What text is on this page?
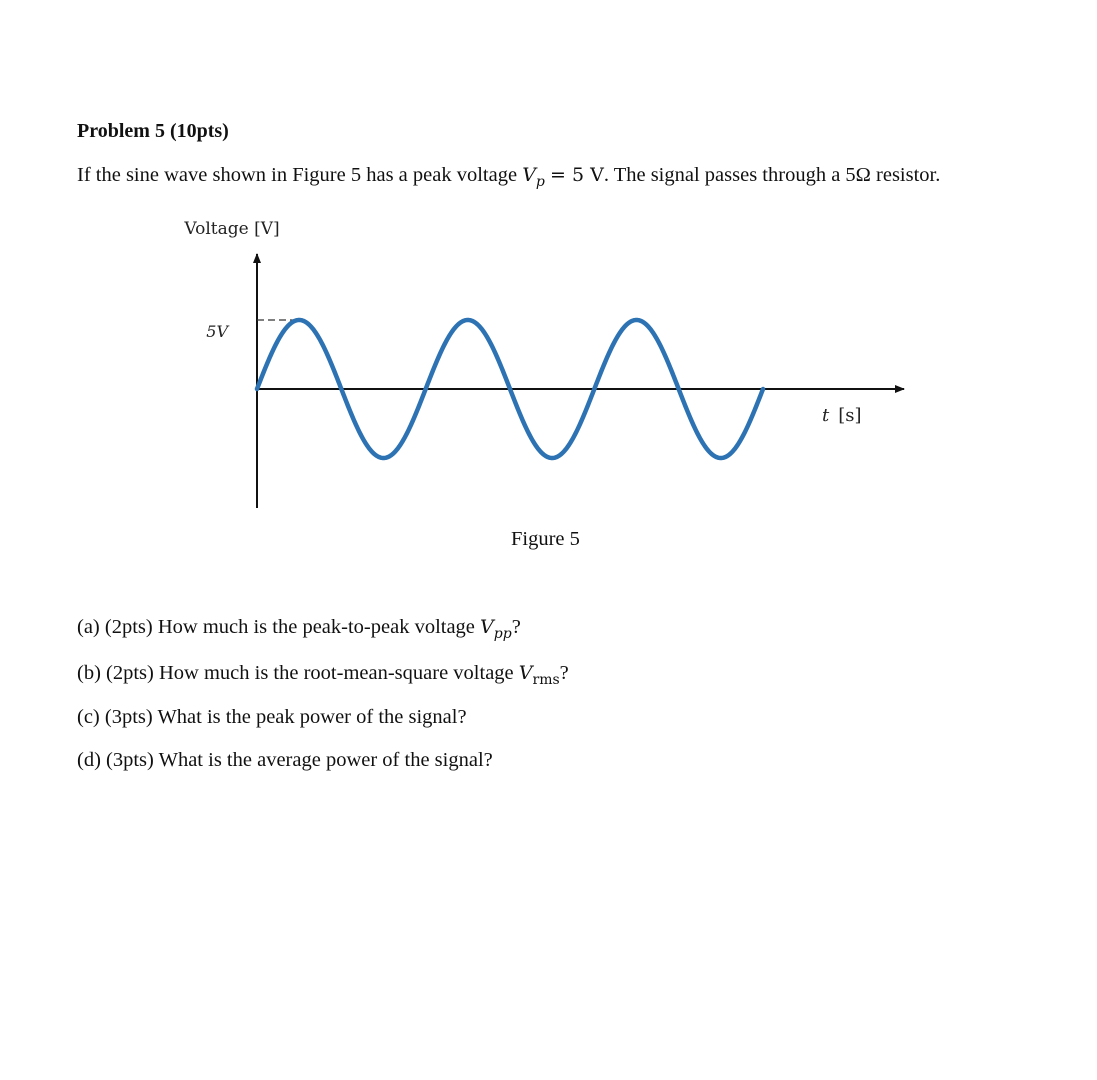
Problem 5 (10pts)
If the sine wave shown in Figure 5 has a peak voltage $V_p = 5$ V. The signal passes through a 5Ω resistor.
Voltage [V]
5V
t [s]
Figure 5
(a) (2pts) How much is the peak-to-peak voltage $V_{pp}$?
(b) (2pts) How much is the root-mean-square voltage $V_{rms}$?
(c) (3pts) What is the peak power of the signal?
(d) (3pts) What is the average power of the signal?
